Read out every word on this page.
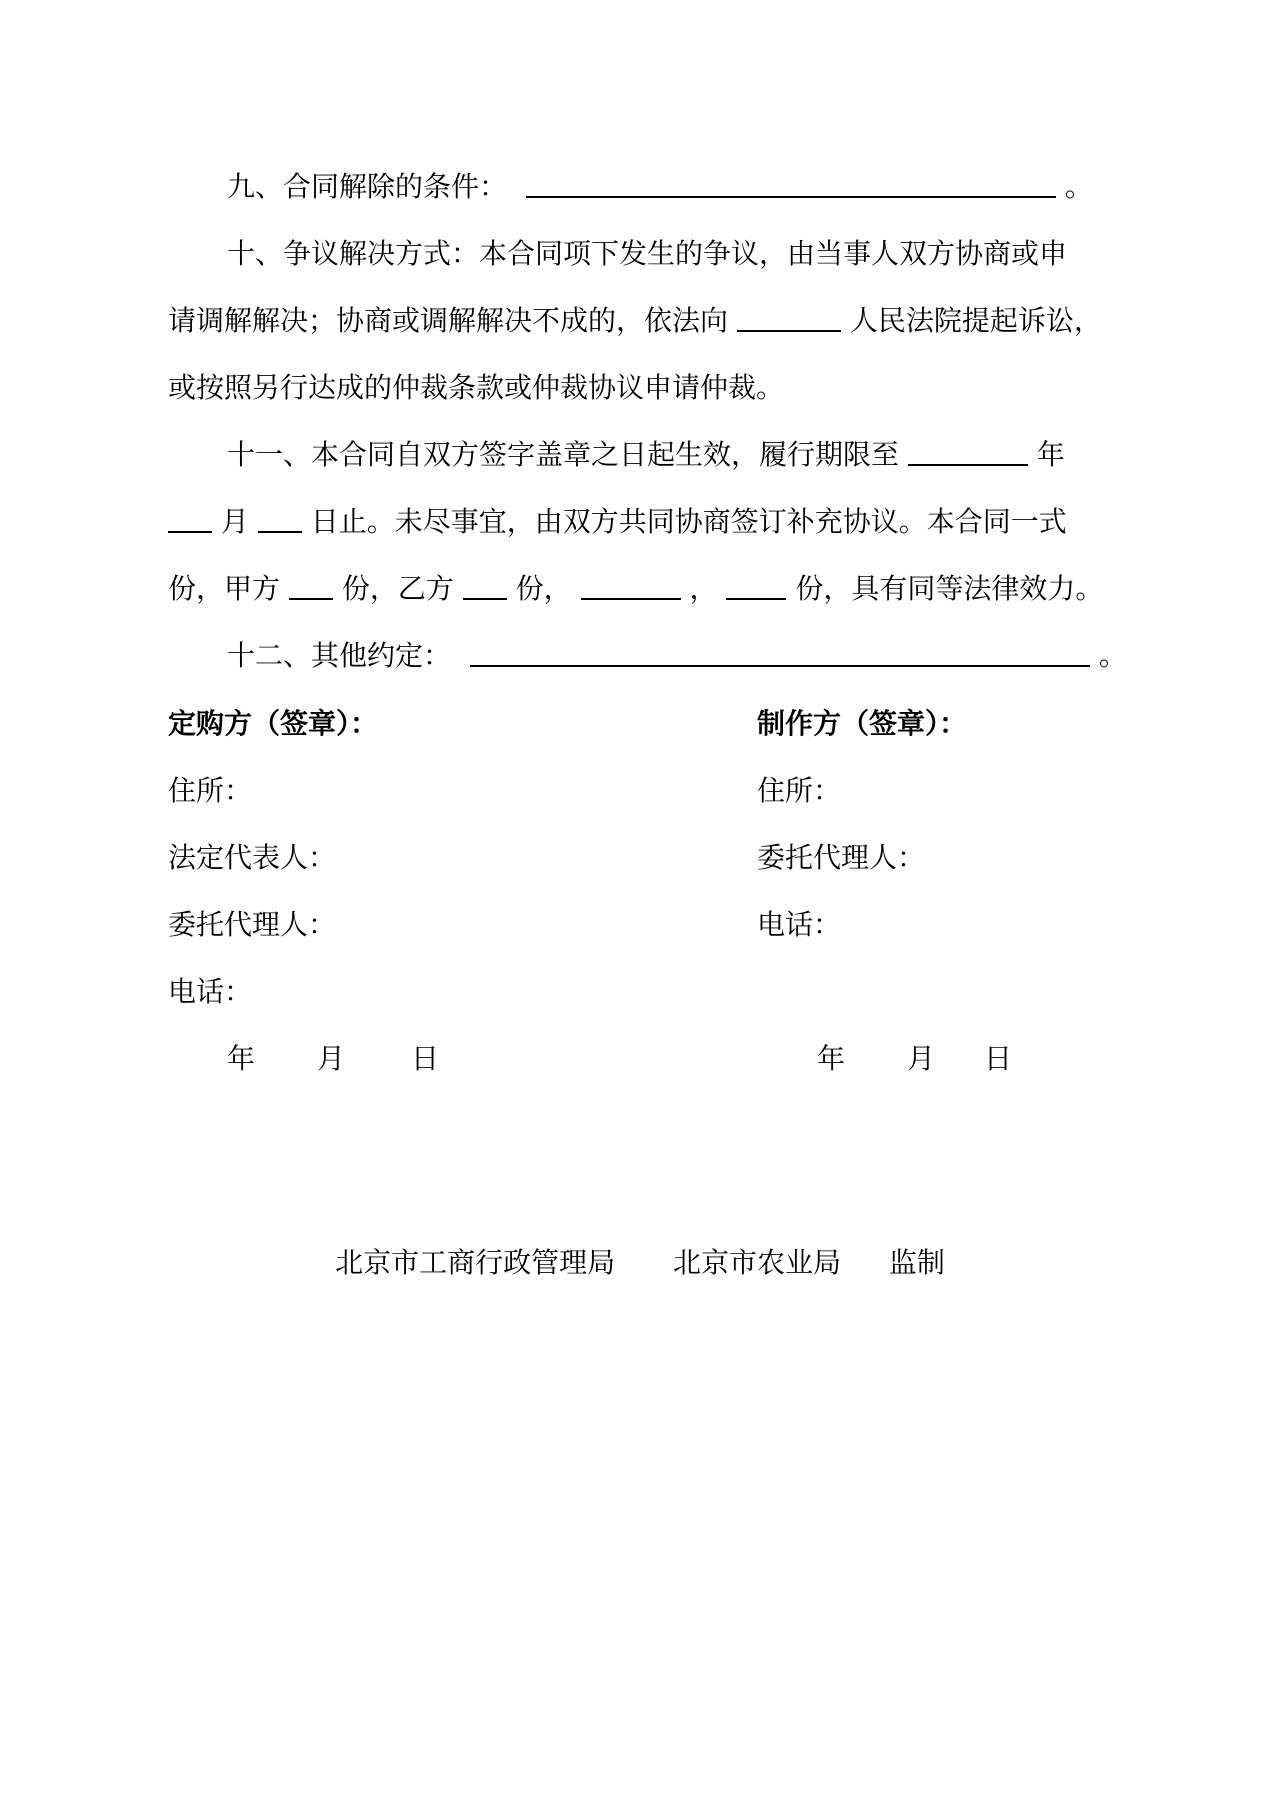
九、合同解除的条件：	。
十、争议解决方式：本合同项下发生的争议，由当事人双方协商或申
请调解解决；协商或调解解决不成的，依法向	人民法院提起诉讼，
或按照另行达成的仲裁条款或仲裁协议申请仲裁。
十一、本合同自双方签字盖章之日起生效，履行期限至	年
月 日止。未尽事宜，由双方共同协商签订补充协议。本合同一式
份，甲方 份，乙方 份，	，	份，具有同等法律效力。
十二、其他约定：	。
定购方（签章）：
住所：
法定代表人：
委托代理人：
电话：
制作方（签章）：
住所：
委托代理人：
电话：
年 月 日	年 月 日
北京市工商行政管理局 北京市农业局 监制
